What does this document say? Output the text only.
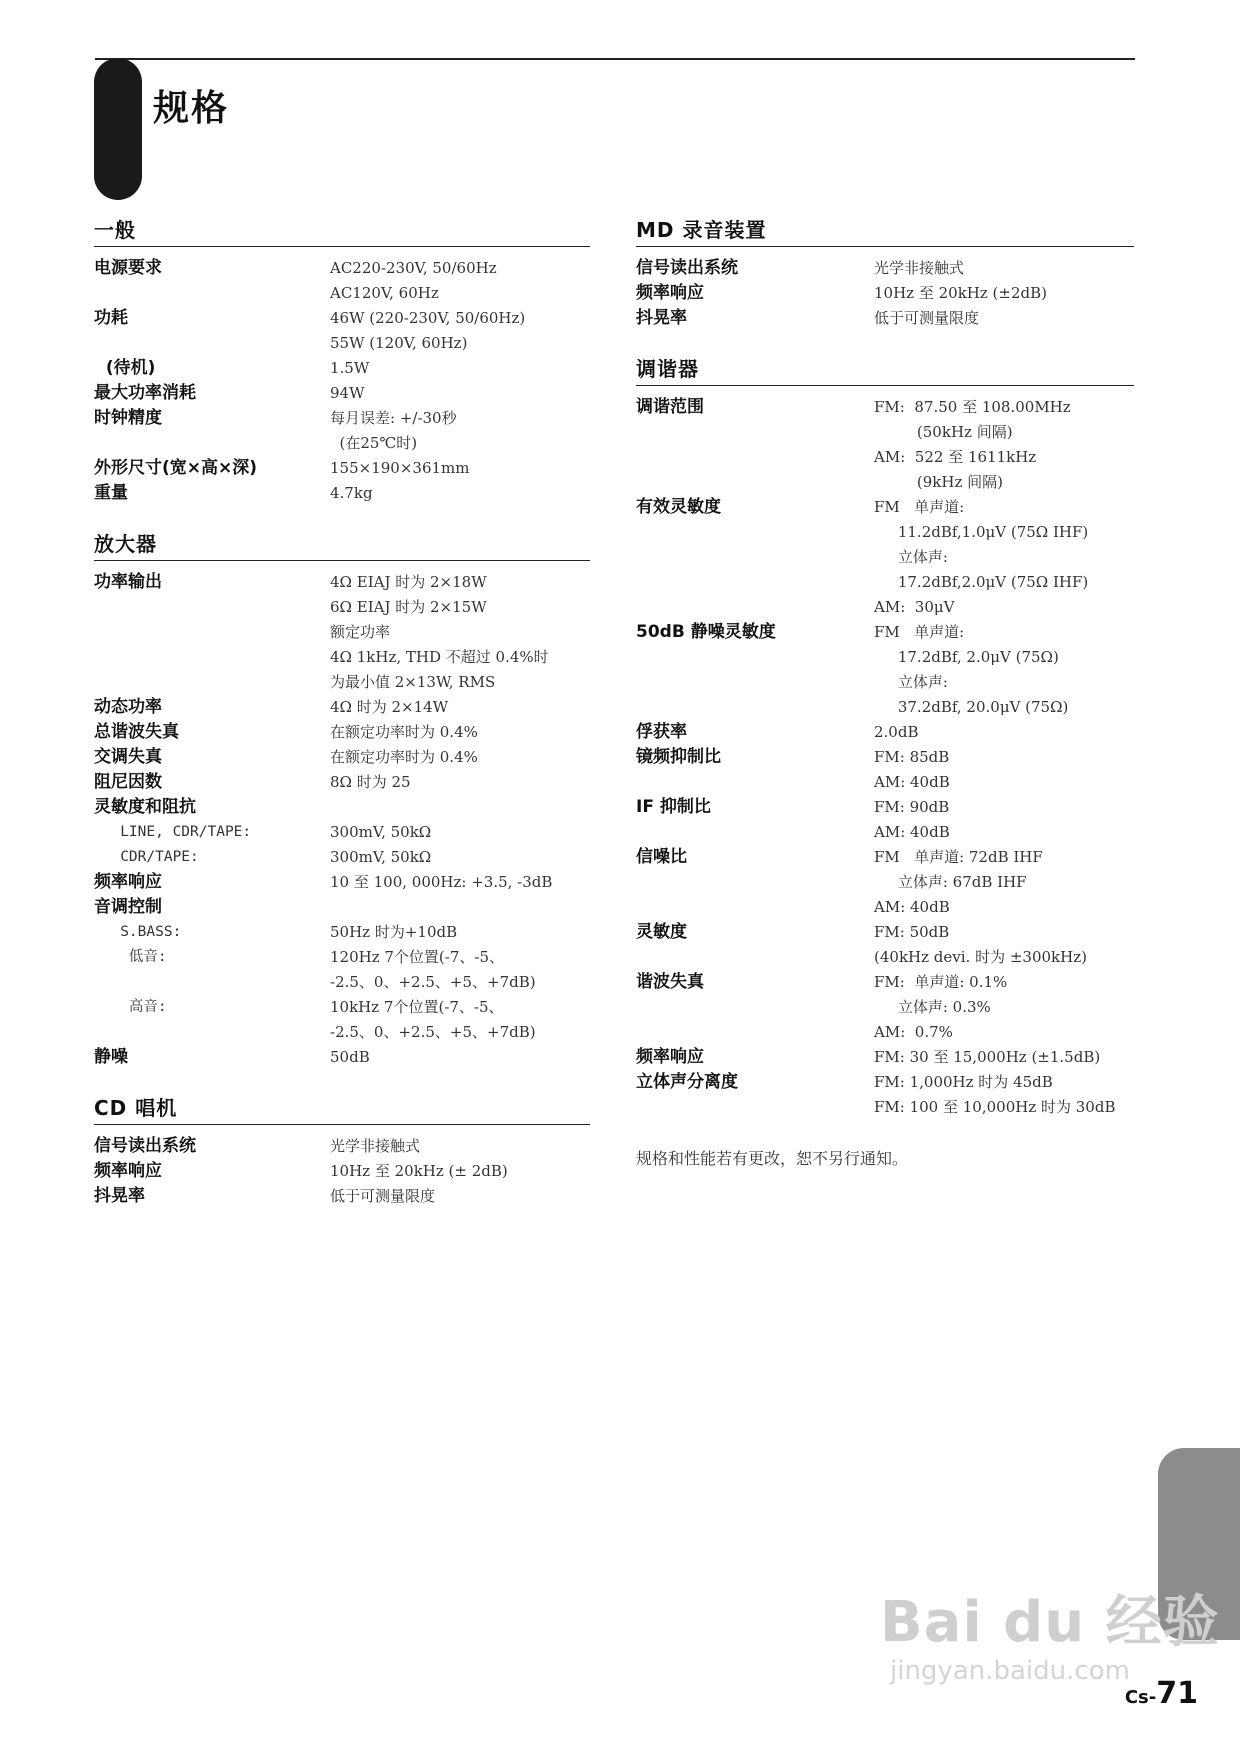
规格
一般
电源要求	AC220-230V, 50/60Hz
AC120V, 60Hz
功耗	46W (220-230V, 50/60Hz)
55W (120V, 60Hz)
(待机)	1.5W
最大功率消耗	94W
时钟精度	每月误差: +/-30秒
(在25℃时)
外形尺寸(宽×高×深)	155×190×361mm
重量	4.7kg
放大器
功率输出	4Ω EIAJ 时为 2×18W
6Ω EIAJ 时为 2×15W
额定功率
4Ω 1kHz, THD 不超过 0.4%时
为最小值 2×13W, RMS
动态功率	4Ω 时为 2×14W
总谐波失真	在额定功率时为 0.4%
交调失真	在额定功率时为 0.4%
阻尼因数	8Ω 时为 25
灵敏度和阻抗
LINE, CDR/TAPE:	300mV, 50kΩ
CDR/TAPE:	300mV, 50kΩ
频率响应	10 至 100, 000Hz: +3.5, -3dB
音调控制
S.BASS:	50Hz 时为+10dB
低音:	120Hz 7个位置(-7、-5、
-2.5、0、+2.5、+5、+7dB)
高音:	10kHz 7个位置(-7、-5、
-2.5、0、+2.5、+5、+7dB)
静噪	50dB
CD 唱机
信号读出系统	光学非接触式
频率响应	10Hz 至 20kHz (± 2dB)
抖晃率	低于可测量限度
MD 录音装置
信号读出系统	光学非接触式
频率响应	10Hz 至 20kHz (±2dB)
抖晃率	低于可测量限度
调谐器
调谐范围	FM:  87.50 至 108.00MHz
(50kHz 间隔)
AM:  522 至 1611kHz
(9kHz 间隔)
有效灵敏度	FM   单声道:
11.2dBf,1.0μV (75Ω IHF)
立体声:
17.2dBf,2.0μV (75Ω IHF)
AM:  30μV
50dB 静噪灵敏度	FM   单声道:
17.2dBf, 2.0μV (75Ω)
立体声:
37.2dBf, 20.0μV (75Ω)
俘获率	2.0dB
镜频抑制比	FM: 85dB
AM: 40dB
IF 抑制比	FM: 90dB
AM: 40dB
信噪比	FM   单声道: 72dB IHF
立体声: 67dB IHF
AM: 40dB
灵敏度	FM: 50dB
(40kHz devi. 时为 ±300kHz)
谐波失真	FM:  单声道: 0.1%
立体声: 0.3%
AM:  0.7%
频率响应	FM: 30 至 15,000Hz (±1.5dB)
立体声分离度	FM: 1,000Hz 时为 45dB
FM: 100 至 10,000Hz 时为 30dB
规格和性能若有更改，恕不另行通知。
Bai du 经验
jingyan.baidu.com
Cs-71
